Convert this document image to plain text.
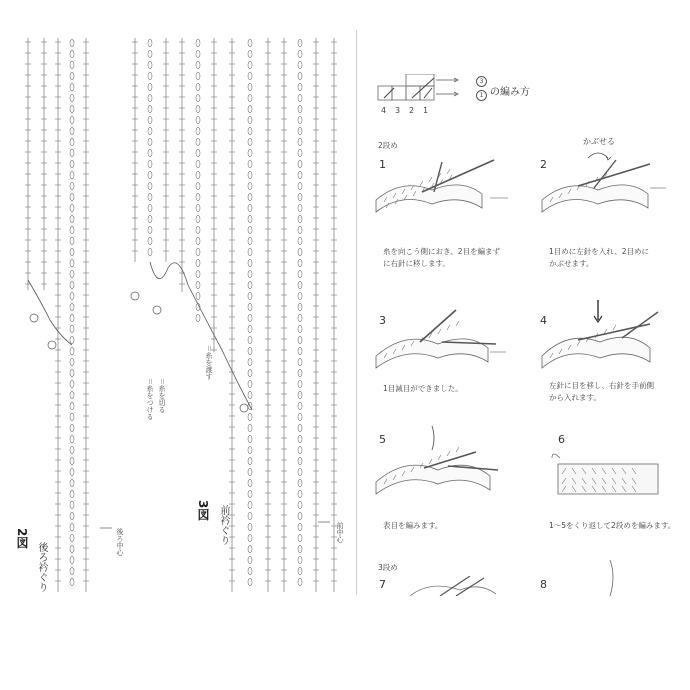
2図
後ろ衿ぐり	後ろ中心
3図 前衿ぐり	前中心
＝糸をつける ＝糸を切る
＝糸を渡す
3
1
4 3 2 1
の編み方
2段め
1
糸を向こう側におき、2目を編まず
に右針に移します。
2
かぶせる
1目めに左針を入れ、2目めに
かぶせます。
3
1目減目ができました。
4
左針に目を移し、右針を手前側
から入れます。
5
表目を編みます。
6
1〜5をくり返して2段めを編みます。
3段め
7	8
